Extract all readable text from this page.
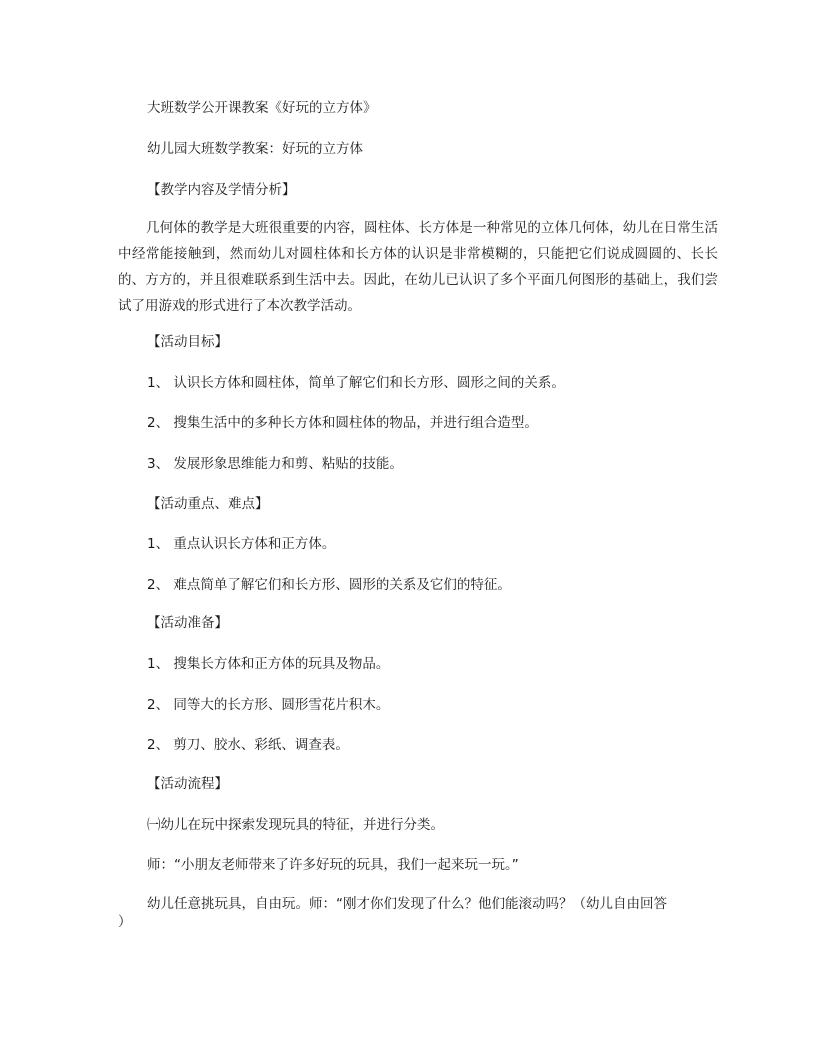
大班数学公开课教案《好玩的立方体》
幼儿园大班数学教案：好玩的立方体
【教学内容及学情分析】
几何体的教学是大班很重要的内容，圆柱体、长方体是一种常见的立体几何体，幼儿在日常生活中经常能接触到，然而幼儿对圆柱体和长方体的认识是非常模糊的，只能把它们说成圆圆的、长长的、方方的，并且很难联系到生活中去。因此，在幼儿已认识了多个平面几何图形的基础上，我们尝试了用游戏的形式进行了本次教学活动。
【活动目标】
1、 认识长方体和圆柱体，简单了解它们和长方形、圆形之间的关系。
2、 搜集生活中的多种长方体和圆柱体的物品，并进行组合造型。
3、 发展形象思维能力和剪、粘贴的技能。
【活动重点、难点】
1、 重点认识长方体和正方体。
2、 难点简单了解它们和长方形、圆形的关系及它们的特征。
【活动准备】
1、 搜集长方体和正方体的玩具及物品。
2、 同等大的长方形、圆形雪花片积木。
2、 剪刀、胶水、彩纸、调查表。
【活动流程】
㈠幼儿在玩中探索发现玩具的特征，并进行分类。
师：“小朋友老师带来了许多好玩的玩具，我们一起来玩一玩。”
幼儿任意挑玩具，自由玩。师：“刚才你们发现了什么？他们能滚动吗？（幼儿自由回答
）
